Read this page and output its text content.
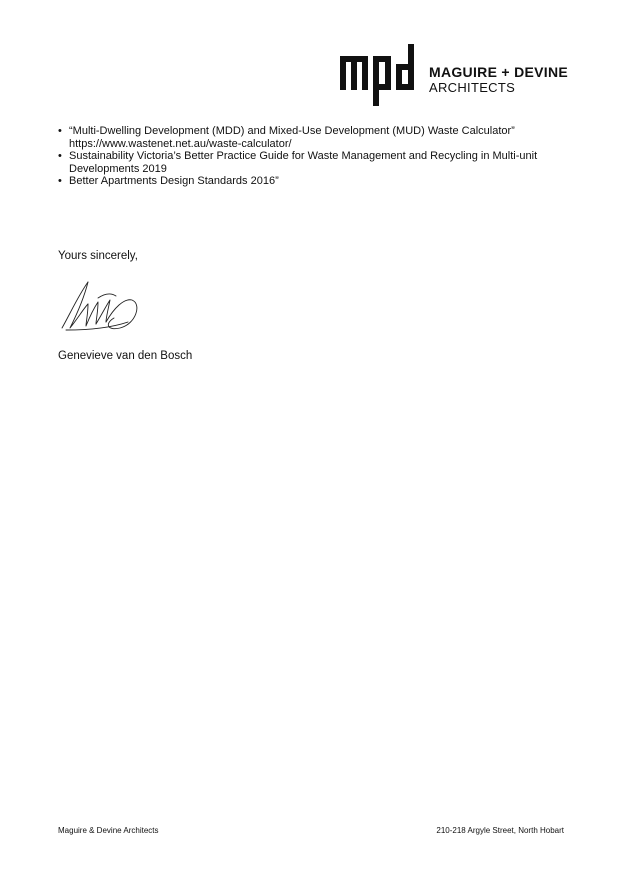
MAGUIRE + DEVINE
ARCHITECTS
• “Multi-Dwelling Development (MDD) and Mixed-Use Development (MUD) Waste Calculator”
https://www.wastenet.net.au/waste-calculator/
• Sustainability Victoria’s Better Practice Guide for Waste Management and Recycling in Multi-unit
Developments 2019
• Better Apartments Design Standards 2016”
Yours sincerely,
Genevieve van den Bosch
Maguire & Devine Architects	210-218 Argyle Street, North Hobart
